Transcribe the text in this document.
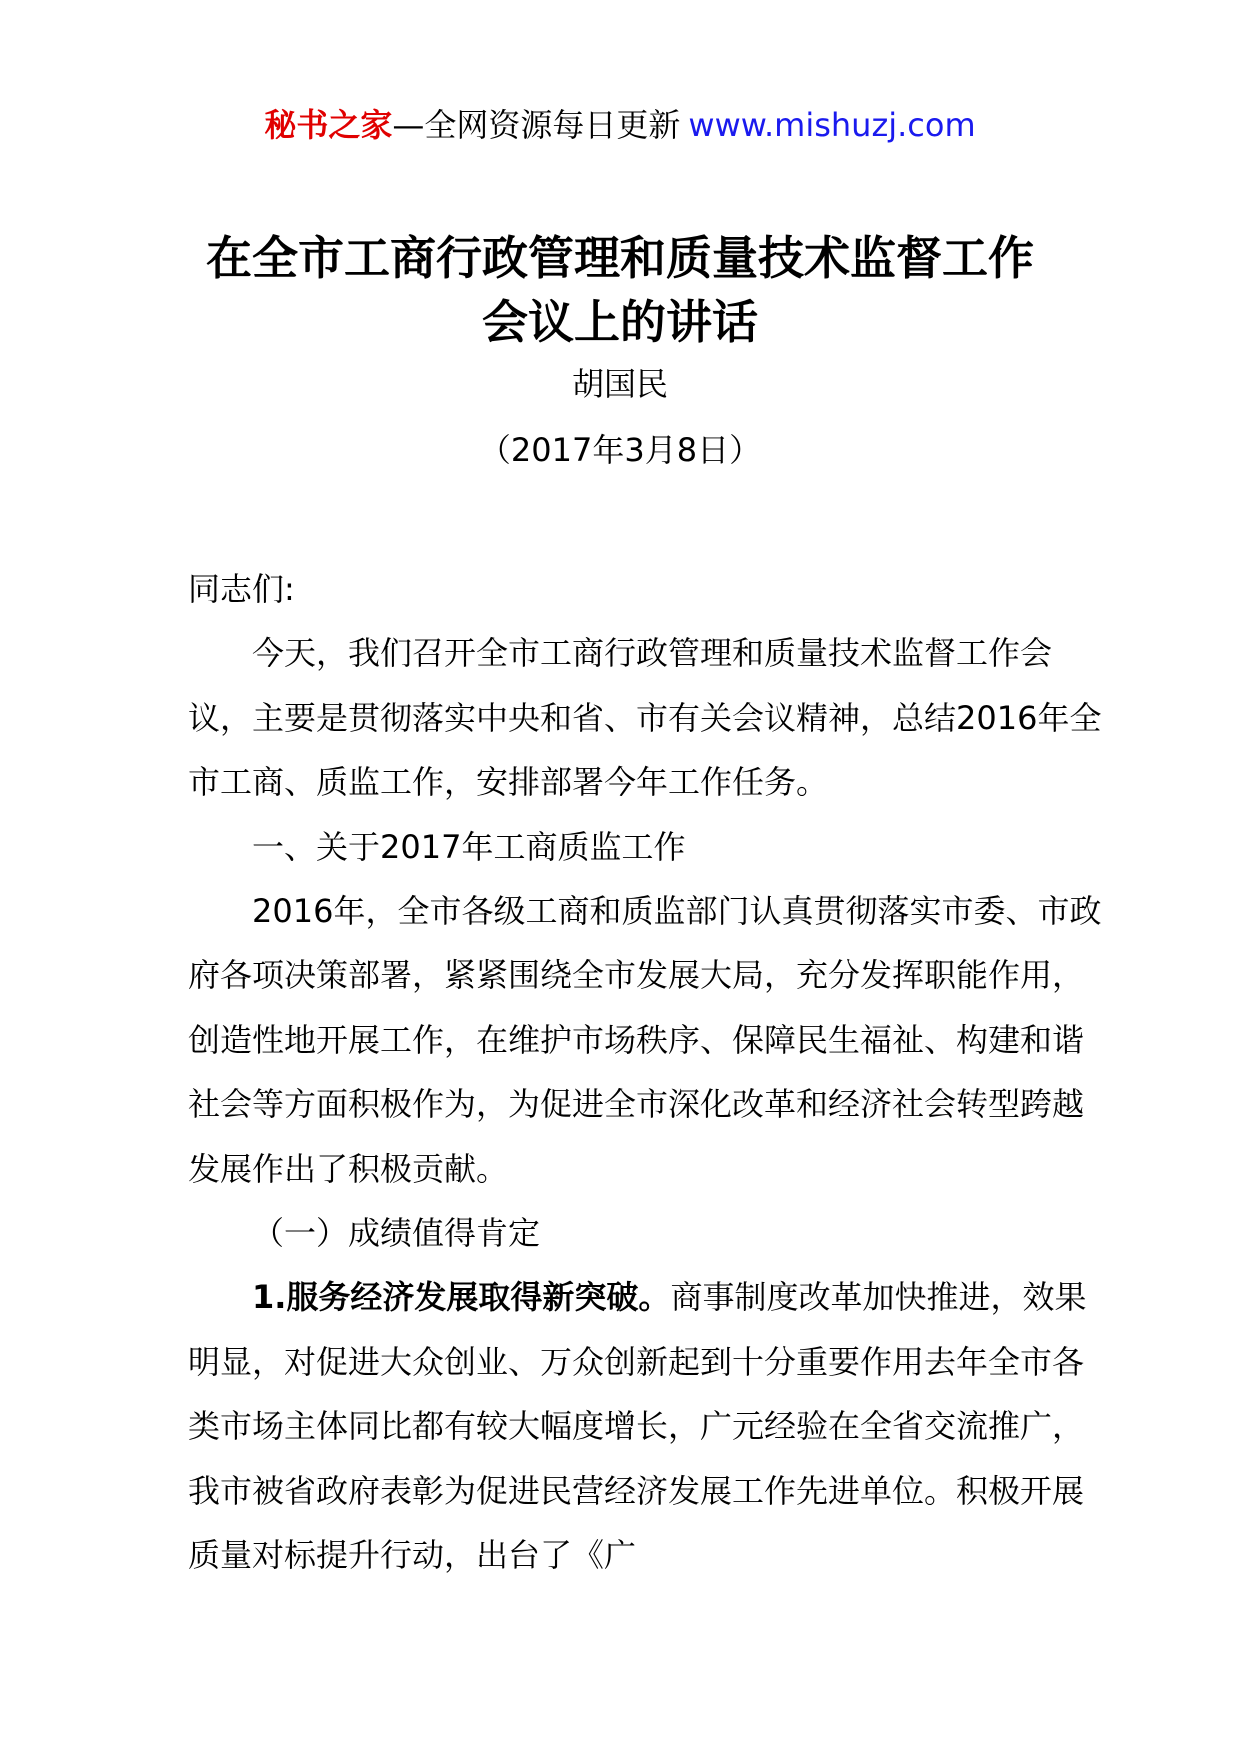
秘书之家—全网资源每日更新 www.mishuzj.com
在全市工商行政管理和质量技术监督工作
会议上的讲话
胡国民
（2017年3月8日）

同志们:

今天，我们召开全市工商行政管理和质量技术监督工作会议，主要是贯彻落实中央和省、市有关会议精神，总结2016年全市工商、质监工作，安排部署今年工作任务。

一、关于2017年工商质监工作

2016年，全市各级工商和质监部门认真贯彻落实市委、市政府各项决策部署，紧紧围绕全市发展大局，充分发挥职能作用，创造性地开展工作，在维护市场秩序、保障民生福祉、构建和谐社会等方面积极作为，为促进全市深化改革和经济社会转型跨越发展作出了积极贡献。

（一）成绩值得肯定

1.服务经济发展取得新突破。商事制度改革加快推进，效果明显，对促进大众创业、万众创新起到十分重要作用去年全市各类市场主体同比都有较大幅度增长，广元经验在全省交流推广，我市被省政府表彰为促进民营经济发展工作先进单位。积极开展质量对标提升行动，出台了《广
